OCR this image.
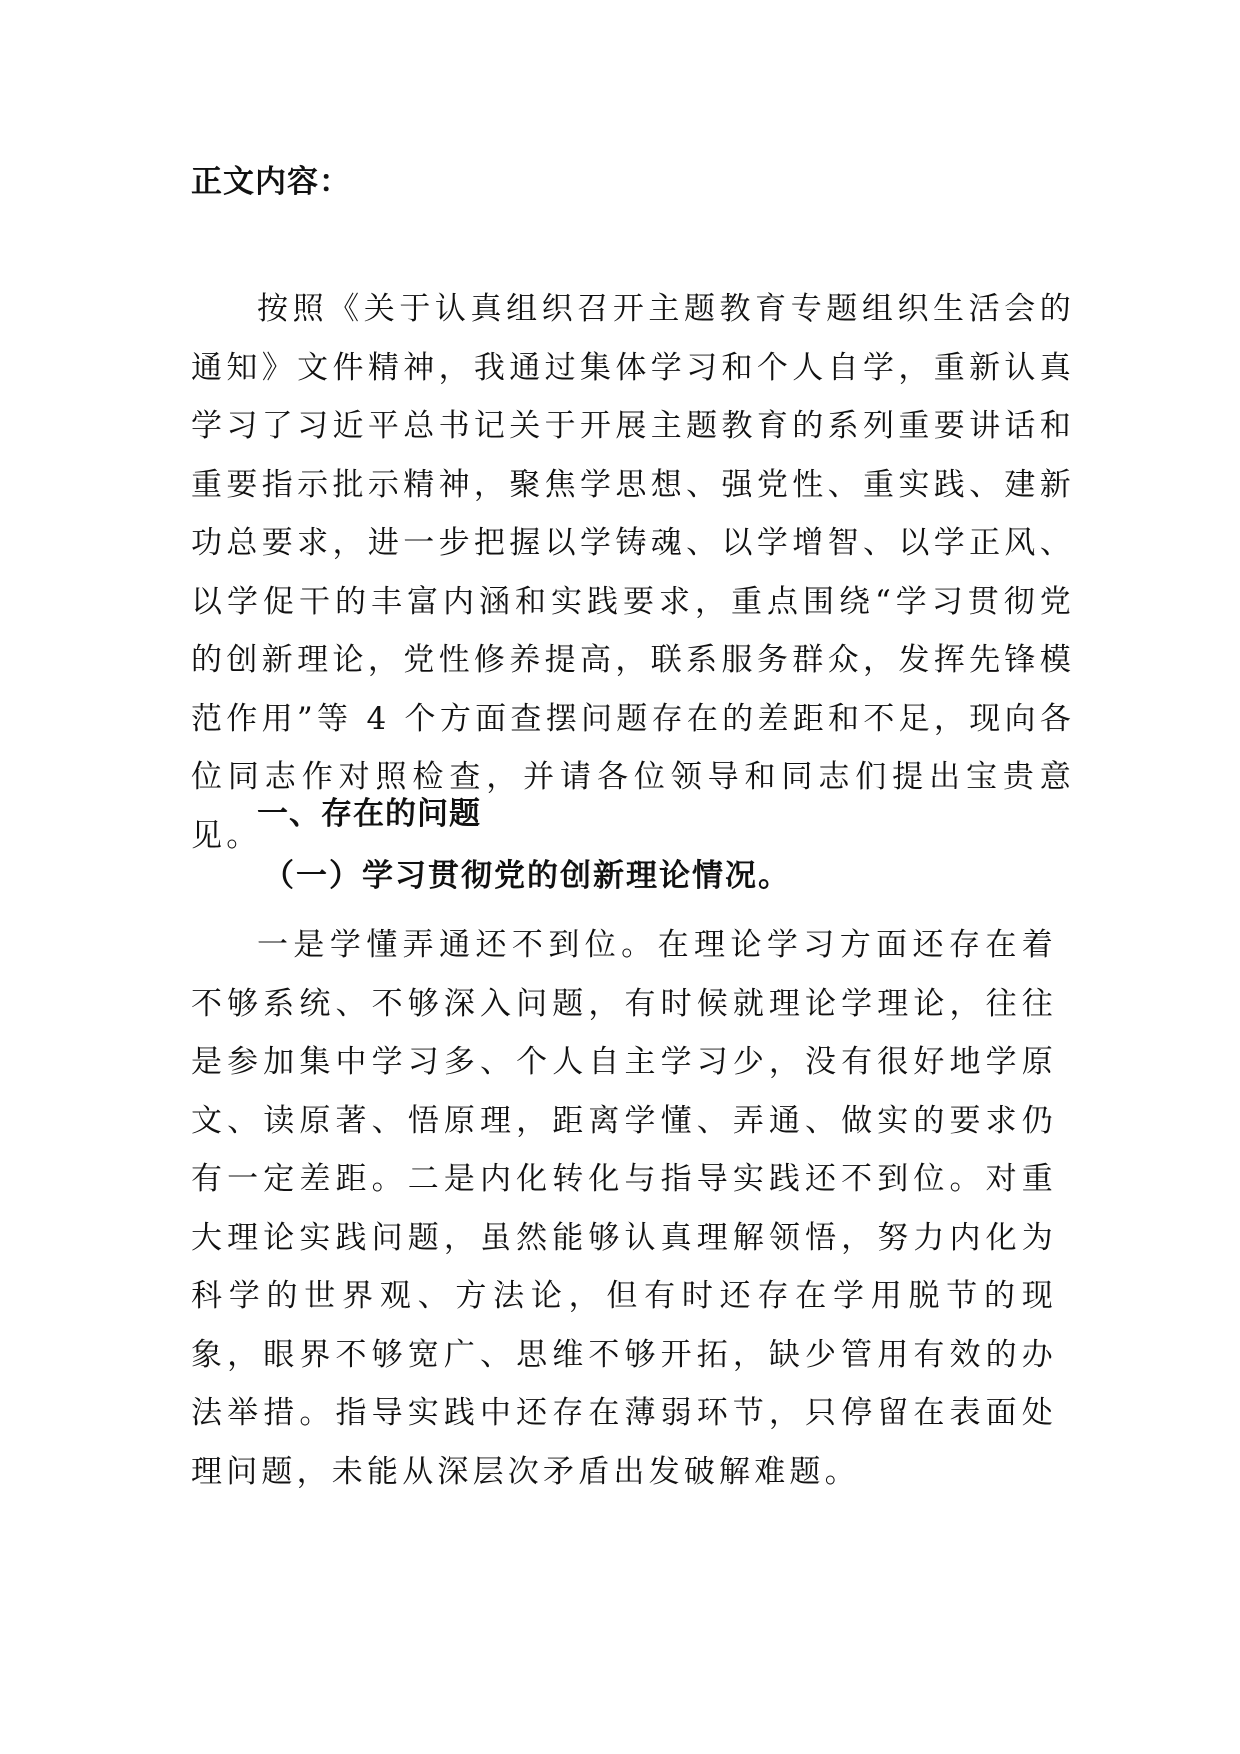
正文内容：

按照《关于认真组织召开主题教育专题组织生活会的通知》文件精神，我通过集体学习和个人自学，重新认真学习了习近平总书记关于开展主题教育的系列重要讲话和重要指示批示精神，聚焦学思想、强党性、重实践、建新功总要求，进一步把握以学铸魂、以学增智、以学正风、以学促干的丰富内涵和实践要求，重点围绕“学习贯彻党的创新理论，党性修养提高，联系服务群众，发挥先锋模范作用”等 4 个方面查摆问题存在的差距和不足，现向各位同志作对照检查，并请各位领导和同志们提出宝贵意见。

一、存在的问题
（一）学习贯彻党的创新理论情况。

一是学懂弄通还不到位。在理论学习方面还存在着不够系统、不够深入问题，有时候就理论学理论，往往是参加集中学习多、个人自主学习少，没有很好地学原文、读原著、悟原理，距离学懂、弄通、做实的要求仍有一定差距。二是内化转化与指导实践还不到位。对重大理论实践问题，虽然能够认真理解领悟，努力内化为科学的世界观、方法论，但有时还存在学用脱节的现象，眼界不够宽广、思维不够开拓，缺少管用有效的办法举措。指导实践中还存在薄弱环节，只停留在表面处理问题，未能从深层次矛盾出发破解难题。
